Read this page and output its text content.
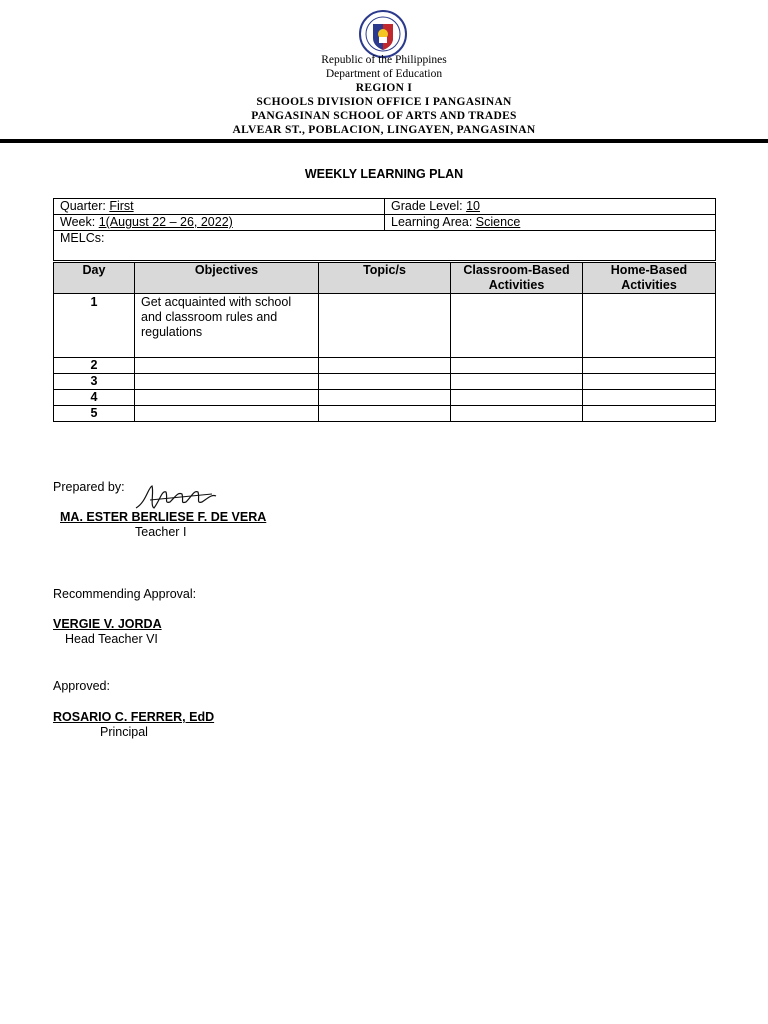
Republic of the Philippines
Department of Education
REGION I
SCHOOLS DIVISION OFFICE I PANGASINAN
PANGASINAN SCHOOL OF ARTS AND TRADES
ALVEAR ST., POBLACION, LINGAYEN, PANGASINAN
WEEKLY LEARNING PLAN
Quarter: First	Grade Level: 10
Week: 1(August 22 – 26, 2022)	Learning Area: Science
MELCs:	
Day	Objectives	Topic/s	Classroom-Based Activities	Home-Based Activities
1	Get acquainted with school and classroom rules and regulations			
2				
3				
4				
5				
Prepared by:
MA. ESTER BERLIESE F. DE VERA
Teacher I
Recommending Approval:
VERGIE V. JORDA
Head Teacher VI
Approved:
ROSARIO C. FERRER, EdD
Principal
